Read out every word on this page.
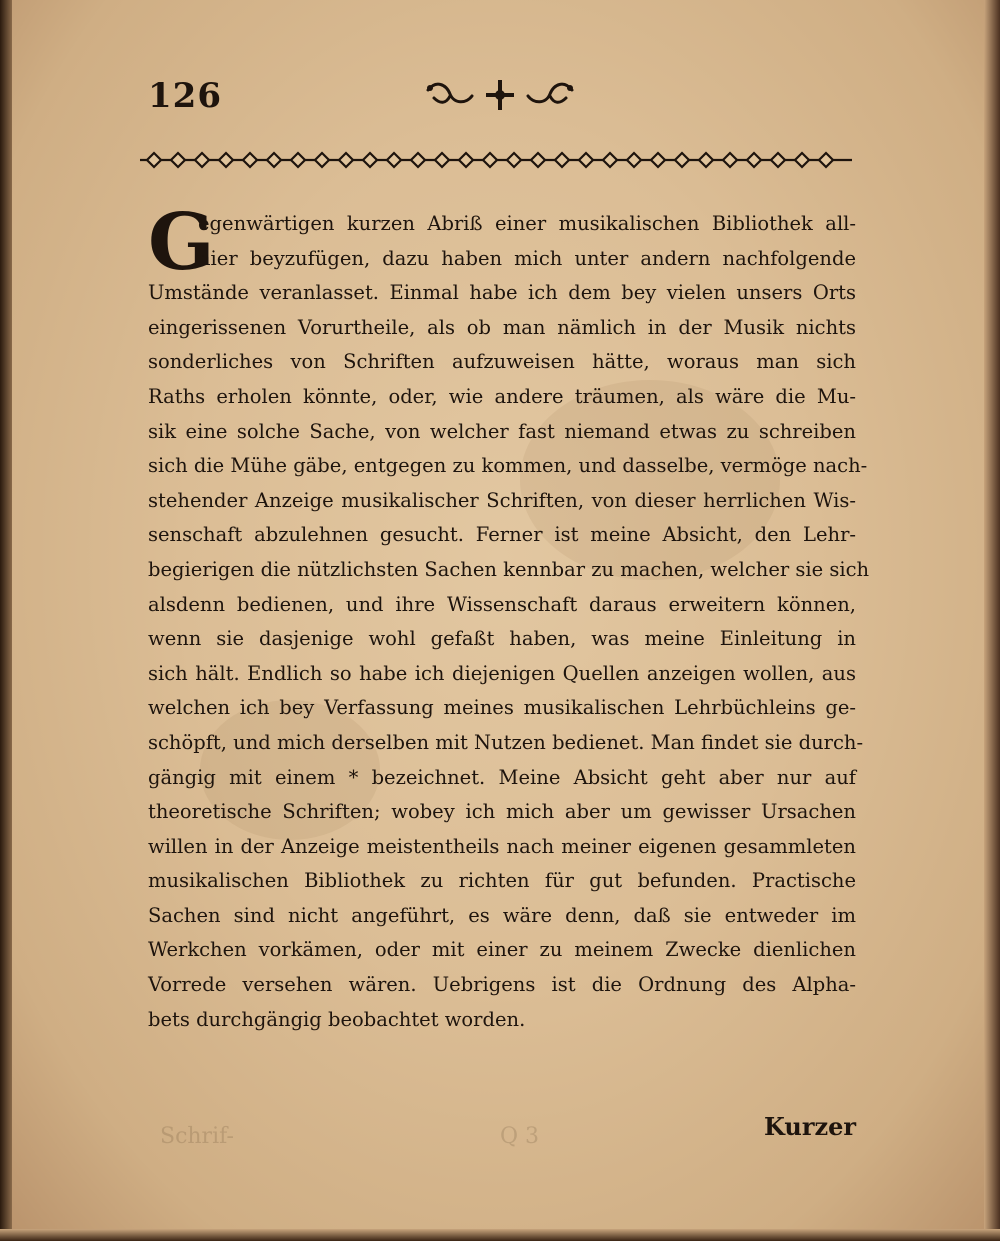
126
G
egenwärtigen kurzen Abriß einer musikalischen Bibliothek all-
hier beyzufügen, dazu haben mich unter andern nachfolgende
Umstände veranlasset. Einmal habe ich dem bey vielen unsers Orts
eingerissenen Vorurtheile, als ob man nämlich in der Musik nichts
sonderliches von Schriften aufzuweisen hätte, woraus man sich
Raths erholen könnte, oder, wie andere träumen, als wäre die Mu-
sik eine solche Sache, von welcher fast niemand etwas zu schreiben
sich die Mühe gäbe, entgegen zu kommen, und dasselbe, vermöge nach-
stehender Anzeige musikalischer Schriften, von dieser herrlichen Wis-
senschaft abzulehnen gesucht. Ferner ist meine Absicht, den Lehr-
begierigen die nützlichsten Sachen kennbar zu machen, welcher sie sich
alsdenn bedienen, und ihre Wissenschaft daraus erweitern können,
wenn sie dasjenige wohl gefaßt haben, was meine Einleitung in
sich hält. Endlich so habe ich diejenigen Quellen anzeigen wollen, aus
welchen ich bey Verfassung meines musikalischen Lehrbüchleins ge-
schöpft, und mich derselben mit Nutzen bedienet. Man findet sie durch-
gängig mit einem * bezeichnet. Meine Absicht geht aber nur auf
theoretische Schriften; wobey ich mich aber um gewisser Ursachen
willen in der Anzeige meistentheils nach meiner eigenen gesammleten
musikalischen Bibliothek zu richten für gut befunden. Practische
Sachen sind nicht angeführt, es wäre denn, daß sie entweder im
Werkchen vorkämen, oder mit einer zu meinem Zwecke dienlichen
Vorrede versehen wären. Uebrigens ist die Ordnung des Alpha-
bets durchgängig beobachtet worden.
Schrif-	Q 3	Kurzer
